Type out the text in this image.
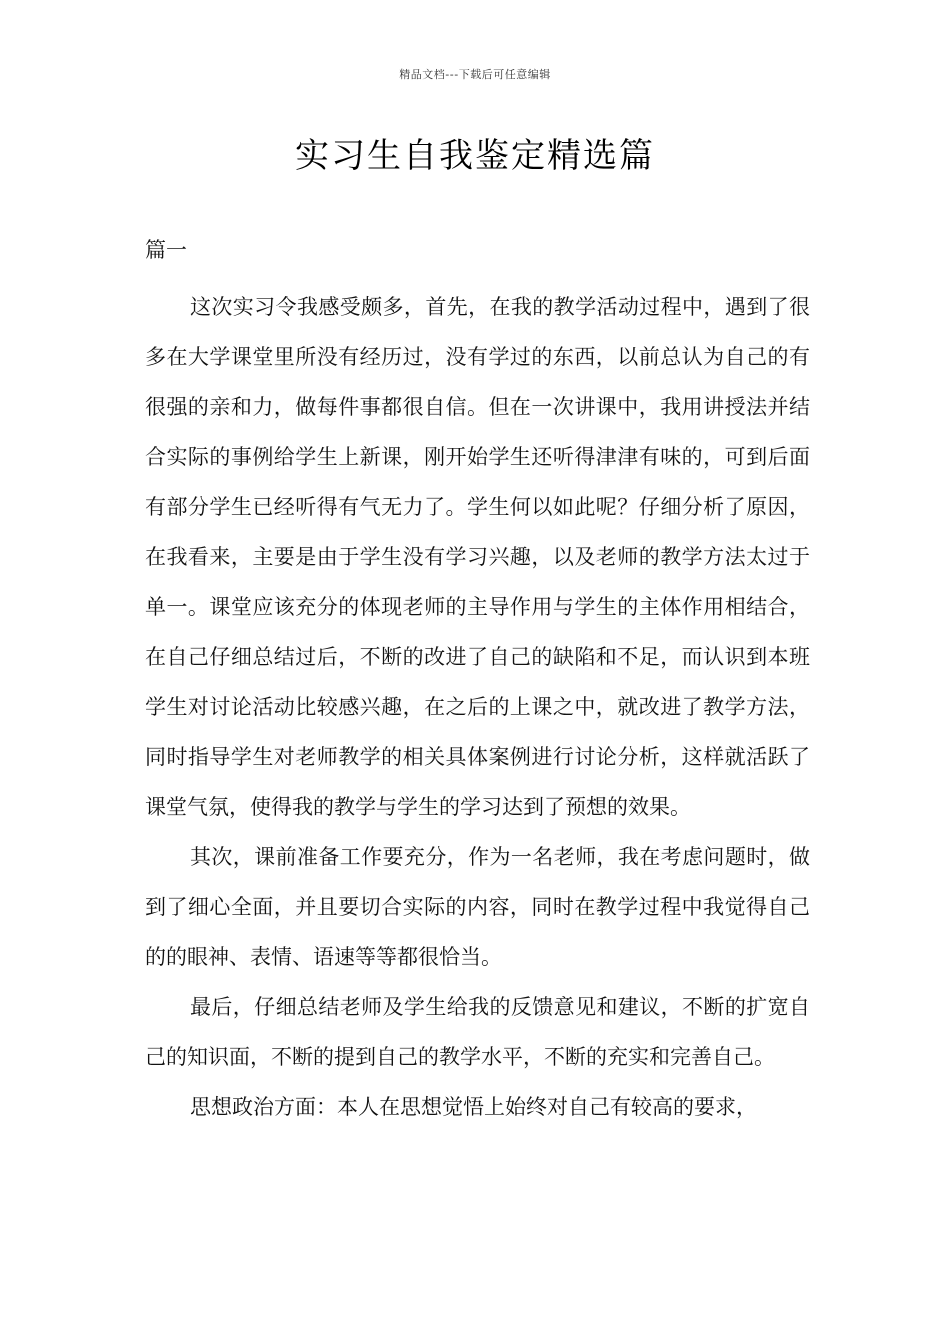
精品文档---下载后可任意编辑
实习生自我鉴定精选篇

篇一

这次实习令我感受颇多，首先，在我的教学活动过程中，遇到了很多在大学课堂里所没有经历过，没有学过的东西，以前总认为自己的有很强的亲和力，做每件事都很自信。但在一次讲课中，我用讲授法并结合实际的事例给学生上新课，刚开始学生还听得津津有味的，可到后面有部分学生已经听得有气无力了。学生何以如此呢？仔细分析了原因，在我看来，主要是由于学生没有学习兴趣，以及老师的教学方法太过于单一。课堂应该充分的体现老师的主导作用与学生的主体作用相结合，在自己仔细总结过后，不断的改进了自己的缺陷和不足，而认识到本班学生对讨论活动比较感兴趣，在之后的上课之中，就改进了教学方法，同时指导学生对老师教学的相关具体案例进行讨论分析，这样就活跃了课堂气氛，使得我的教学与学生的学习达到了预想的效果。

其次，课前准备工作要充分，作为一名老师，我在考虑问题时，做到了细心全面，并且要切合实际的内容，同时在教学过程中我觉得自己的的眼神、表情、语速等等都很恰当。

最后，仔细总结老师及学生给我的反馈意见和建议，不断的扩宽自己的知识面，不断的提到自己的教学水平，不断的充实和完善自己。

思想政治方面：本人在思想觉悟上始终对自己有较高的要求，
